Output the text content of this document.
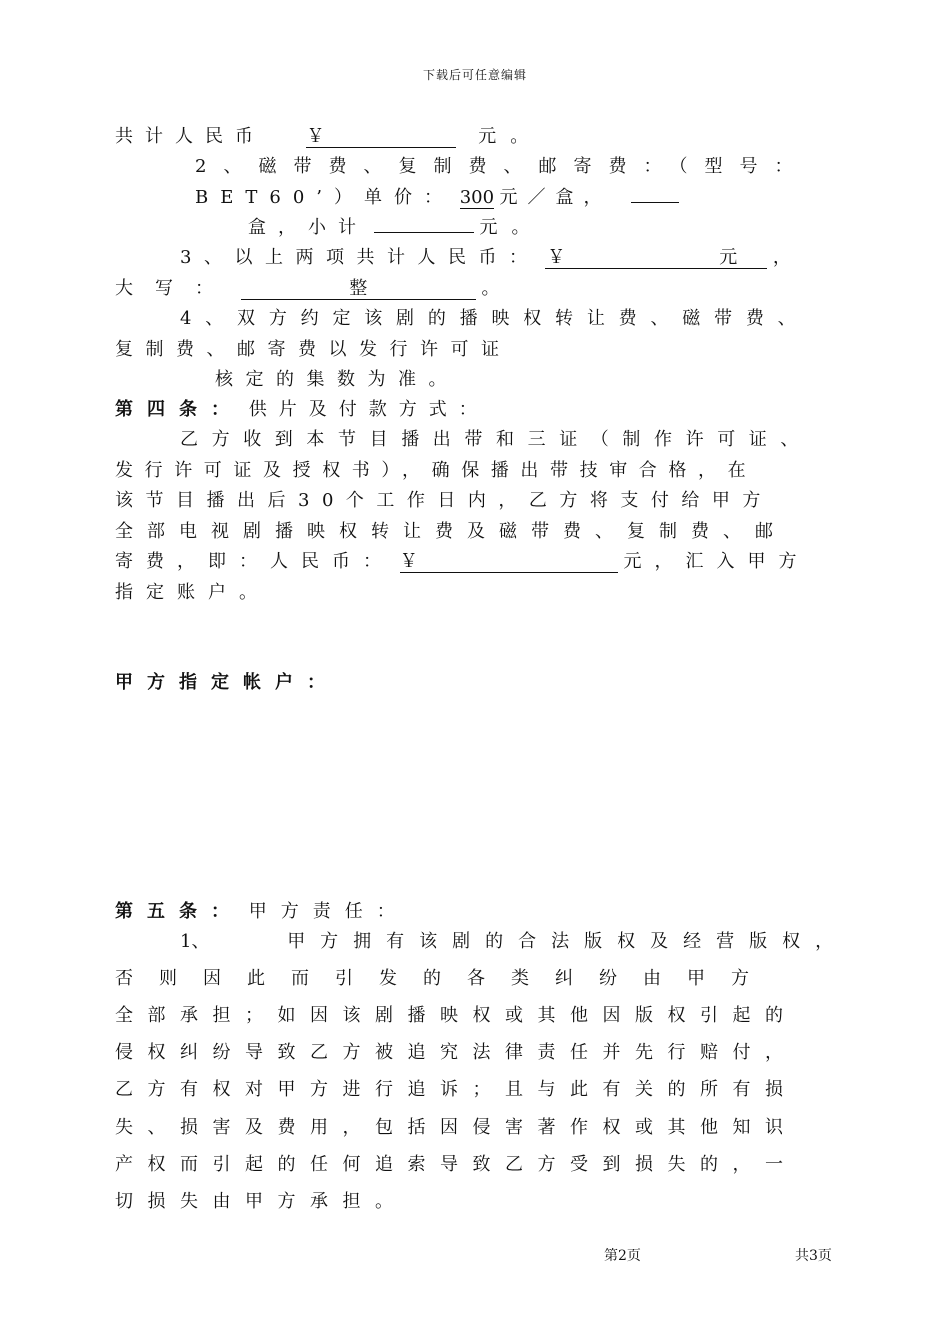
下载后可任意编辑
共计人民币 ￥	元。
2、磁带费、复制费、邮寄费：（型号：
BET60’）单价： 300 元／盒，
盒，小计	元。
3、以上两项共计人民币： ￥	元 ，
大写：	整	。
4、双方约定该剧的播映权转让费、磁带费、
复制费、邮寄费以发行许可证
核定的集数为准。
第四条： 供片及付款方式：
乙方收到本节目播出带和三证（制作许可证、
发行许可证及授权书），确保播出带技审合格，在
该节目播出后30个工作日内，乙方将支付给甲方
全部电视剧播映权转让费及磁带费、复制费、邮
寄费，即：人民币： ￥	元，汇入甲方
指定账户。
甲方指定帐户：
第五条： 甲方责任：
1、	甲方拥有该剧的合法版权及经营版权，
否则因此而引发的各类纠纷由甲方
全部承担；如因该剧播映权或其他因版权引起的
侵权纠纷导致乙方被追究法律责任并先行赔付，
乙方有权对甲方进行追诉；且与此有关的所有损
失、损害及费用，包括因侵害著作权或其他知识
产权而引起的任何追索导致乙方受到损失的，一
切损失由甲方承担。
第2页	共3页
